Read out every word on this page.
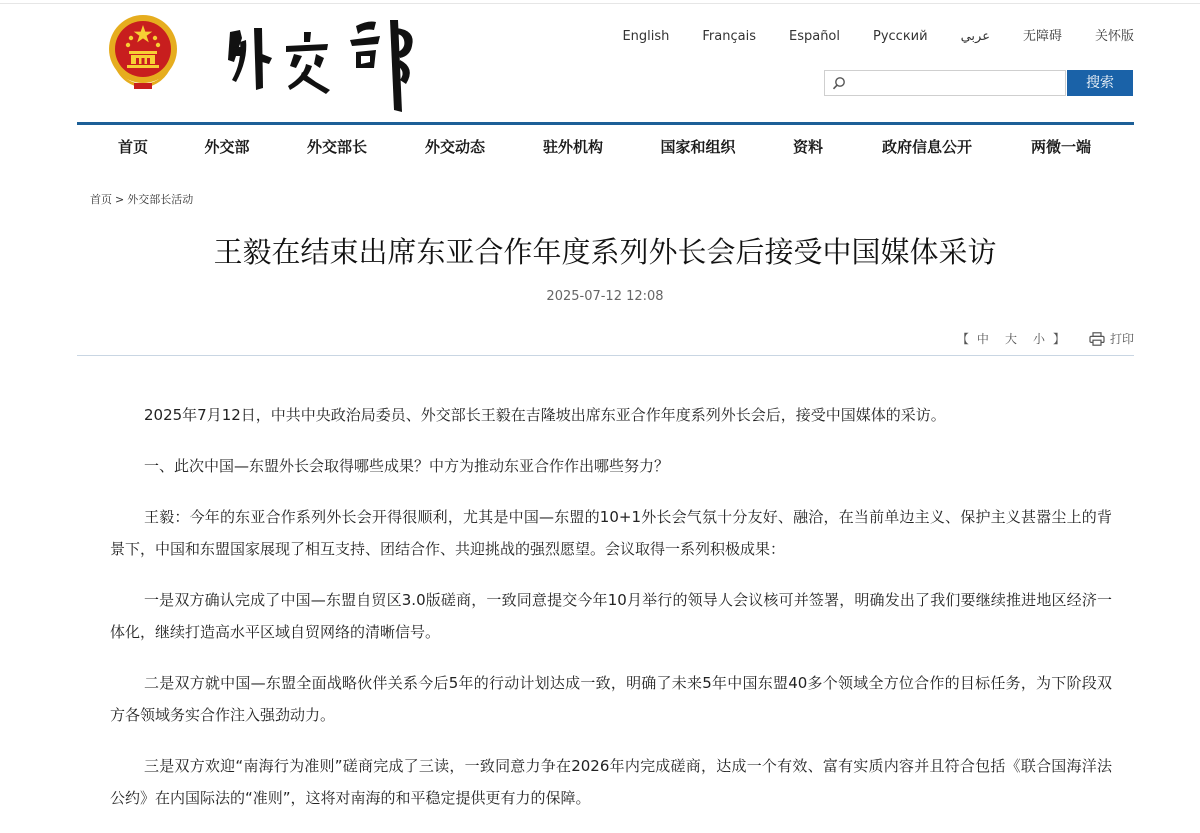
English	Français	Español	Русский	عربي	无障碍	关怀版
搜索
首页	外交部	外交部长	外交动态	驻外机构	国家和组织	资料	政府信息公开	两微一端
首页 > 外交部长活动
王毅在结束出席东亚合作年度系列外长会后接受中国媒体采访
2025-07-12 12:08
【 中 大 小 】	打印

2025年7月12日，中共中央政治局委员、外交部长王毅在吉隆坡出席东亚合作年度系列外长会后，接受中国媒体的采访。

一、此次中国—东盟外长会取得哪些成果？中方为推动东亚合作作出哪些努力？

王毅：今年的东亚合作系列外长会开得很顺利，尤其是中国—东盟的10+1外长会气氛十分友好、融洽，在当前单边主义、保护主义甚嚣尘上的背景下，中国和东盟国家展现了相互支持、团结合作、共迎挑战的强烈愿望。会议取得一系列积极成果：

一是双方确认完成了中国—东盟自贸区3.0版磋商，一致同意提交今年10月举行的领导人会议核可并签署，明确发出了我们要继续推进地区经济一体化，继续打造高水平区域自贸网络的清晰信号。

二是双方就中国—东盟全面战略伙伴关系今后5年的行动计划达成一致，明确了未来5年中国东盟40多个领域全方位合作的目标任务，为下阶段双方各领域务实合作注入强劲动力。

三是双方欢迎“南海行为准则”磋商完成了三读，一致同意力争在2026年内完成磋商，达成一个有效、富有实质内容并且符合包括《联合国海洋法公约》在内国际法的“准则”，这将对南海的和平稳定提供更有力的保障。
